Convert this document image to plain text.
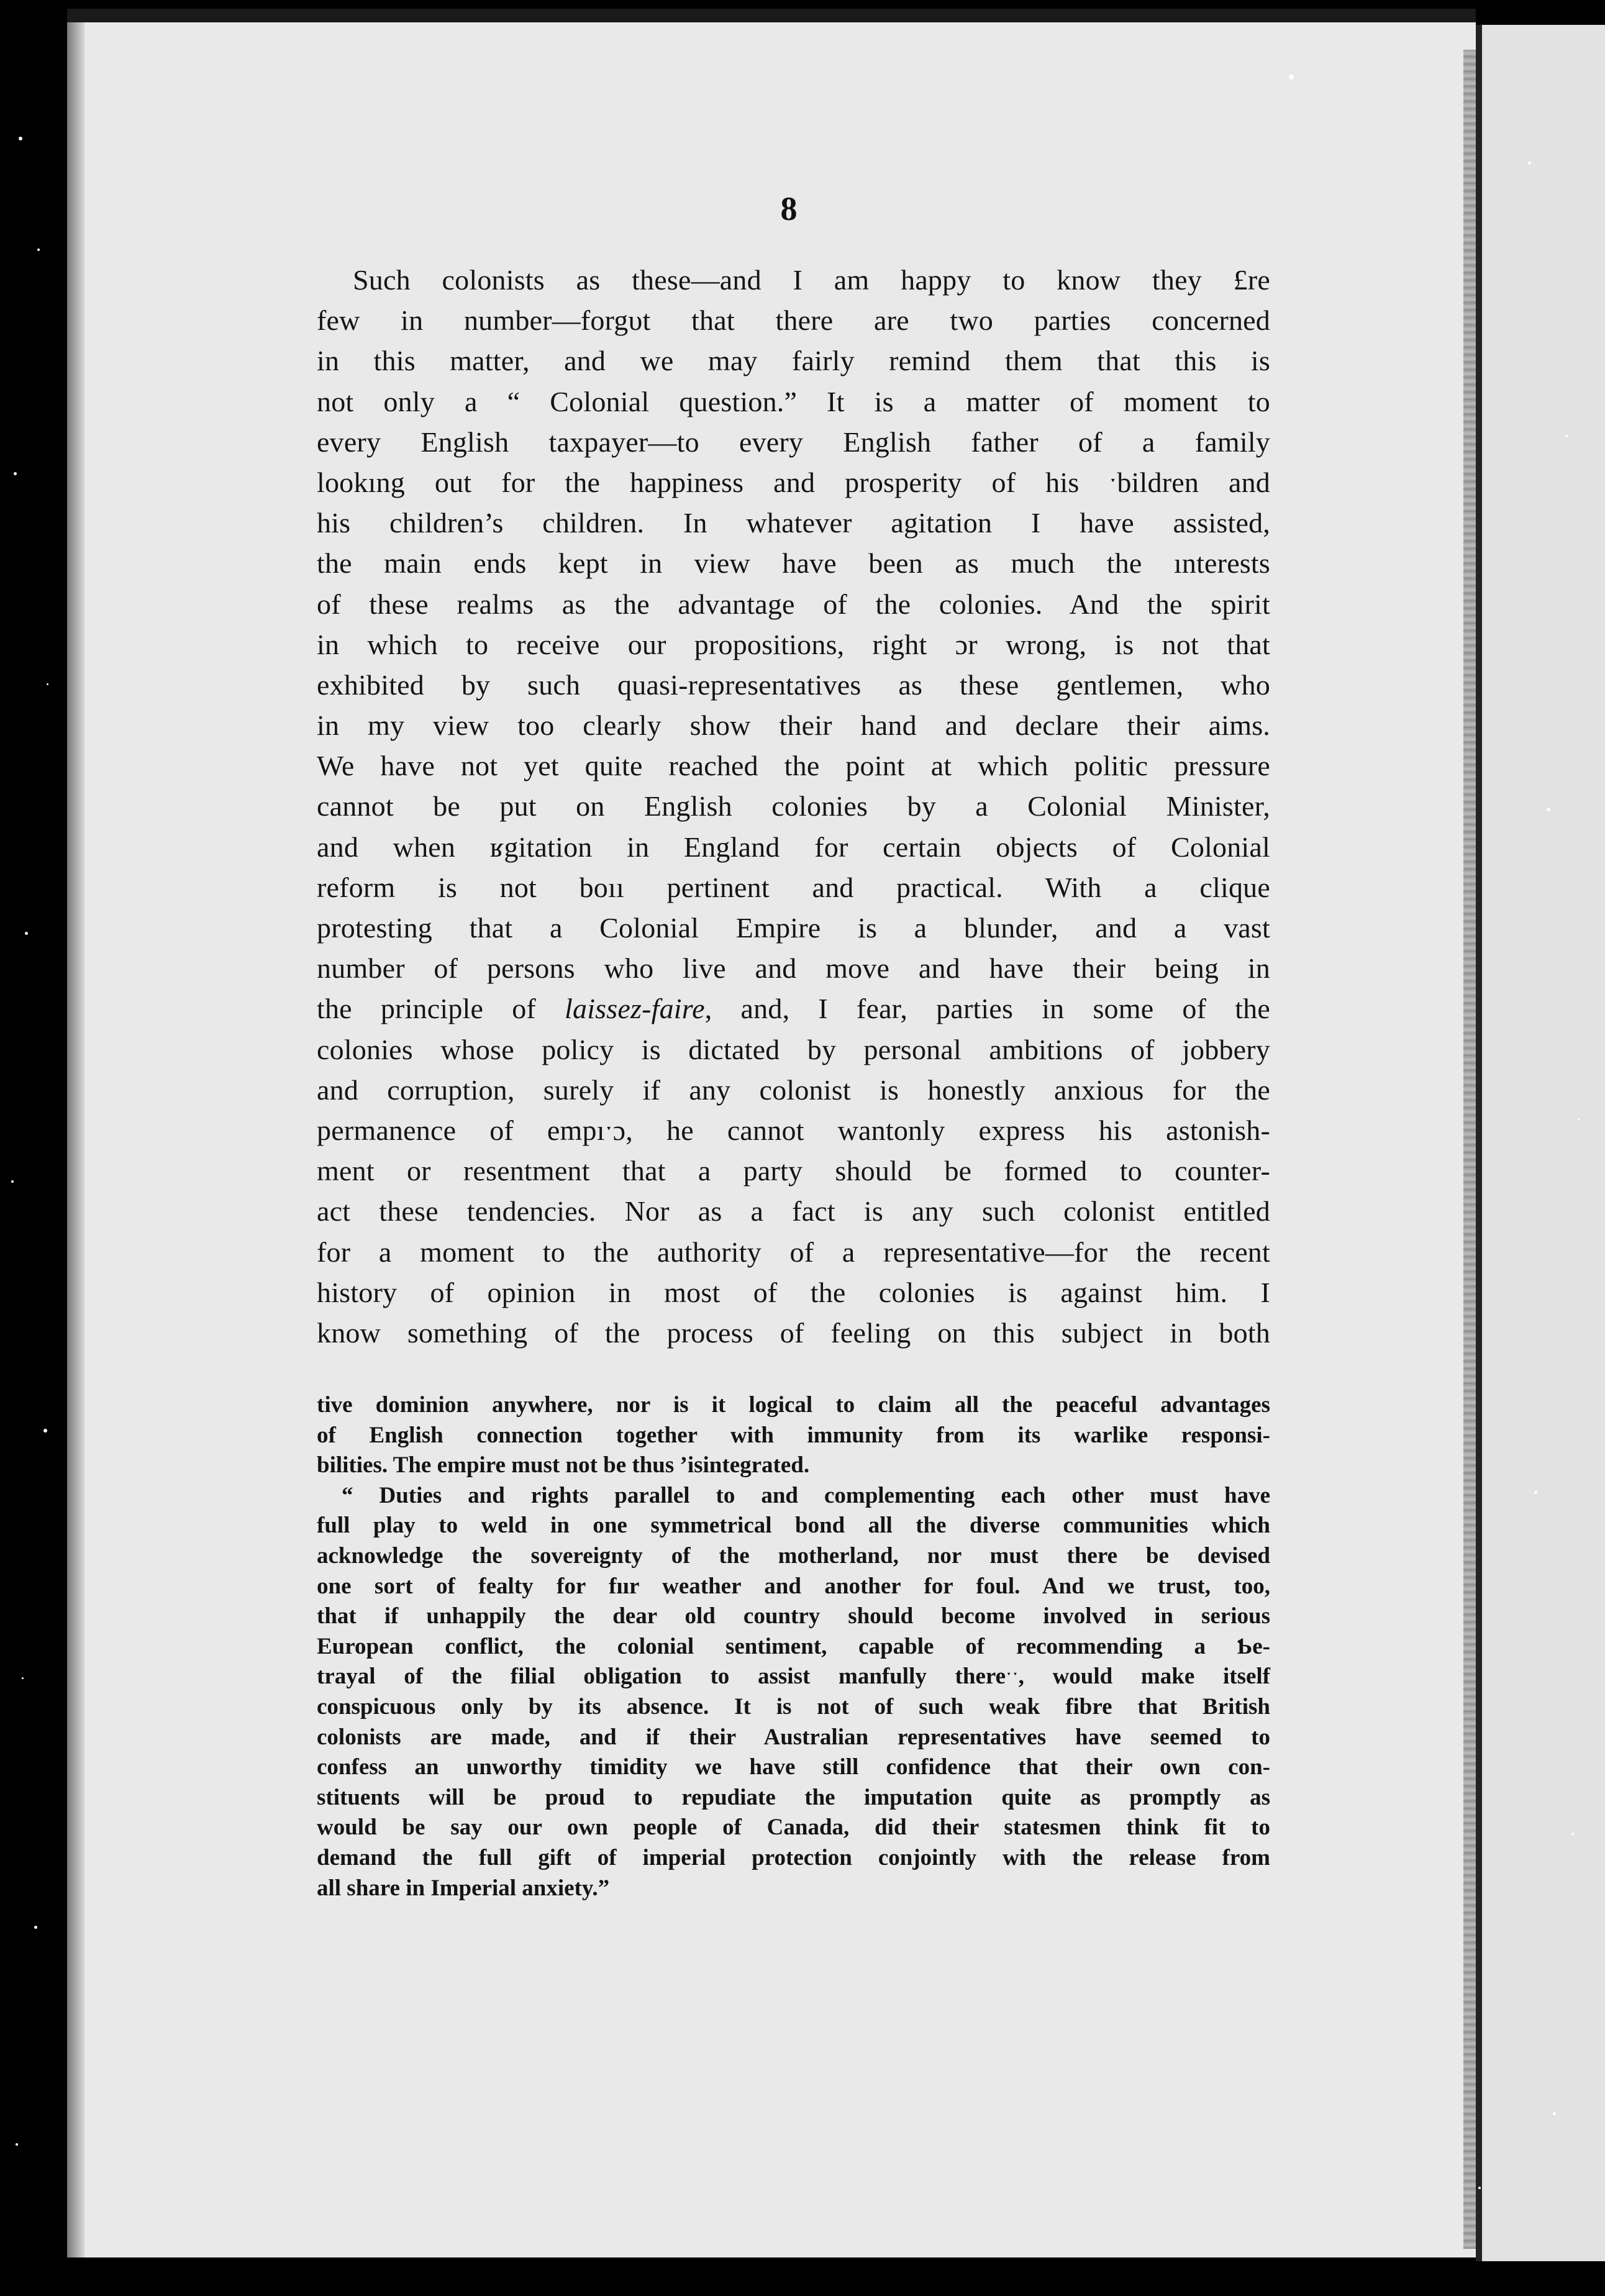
8
Such colonists as these—and I am happy to know they £re
few in number—forgυt that there are two parties concerned
in this matter, and we may fairly remind them that this is
not only a “ Colonial question.” It is a matter of moment to
every English taxpayer—to every English father of a family
lookıng out for the happiness and prosperity of his ˑbildren and
his children’s children. In whatever agitation I have assisted,
the main ends kept in view have been as much the ınterests
of these realms as the advantage of the colonies. And the spirit
in which to receive our propositions, right ɔr wrong, is not that
exhibited by such quasi-representatives as these gentlemen, who
in my view too clearly show their hand and declare their aims.
We have not yet quite reached the point at which politic pressure
cannot be put on English colonies by a Colonial Minister,
and when ʁgitation in England for certain objects of Colonial
reform is not boıı pertinent and practical. With a clique
protesting that a Colonial Empire is a blunder, and a vast
number of persons who live and move and have their being in
the principle of laissez-faire, and, I fear, parties in some of the
colonies whose policy is dictated by personal ambitions of jobbery
and corruption, surely if any colonist is honestly anxious for the
permanence of empıˑɔ, he cannot wantonly express his astonish-
ment or resentment that a party should be formed to counter-
act these tendencies. Nor as a fact is any such colonist entitled
for a moment to the authority of a representative—for the recent
history of opinion in most of the colonies is against him. I
know something of the process of feeling on this subject in both
tive dominion anywhere, nor is it logical to claim all the peaceful advantages
of English connection together with immunity from its warlike responsi-
bilities. The empire must not be thus ʼisintegrated.
“ Duties and rights parallel to and complementing each other must have
full play to weld in one symmetrical bond all the diverse communities which
acknowledge the sovereignty of the motherland, nor must there be devised
one sort of fealty for fıır weather and another for foul. And we trust, too,
that if unhappily the dear old country should become involved in serious
European conflict, the colonial sentiment, capable of recommending a Ƅe-
trayal of the filial obligation to assist manfully thereˑˑ, would make itself
conspicuous only by its absence. It is not of such weak fibre that British
colonists are made, and if their Australian representatives have seemed to
confess an unworthy timidity we have still confidence that their own con-
stituents will be proud to repudiate the imputation quite as promptly as
would be say our own people of Canada, did their statesmen think fit to
demand the full gift of imperial protection conjointly with the release from
all share in Imperial anxiety.”
